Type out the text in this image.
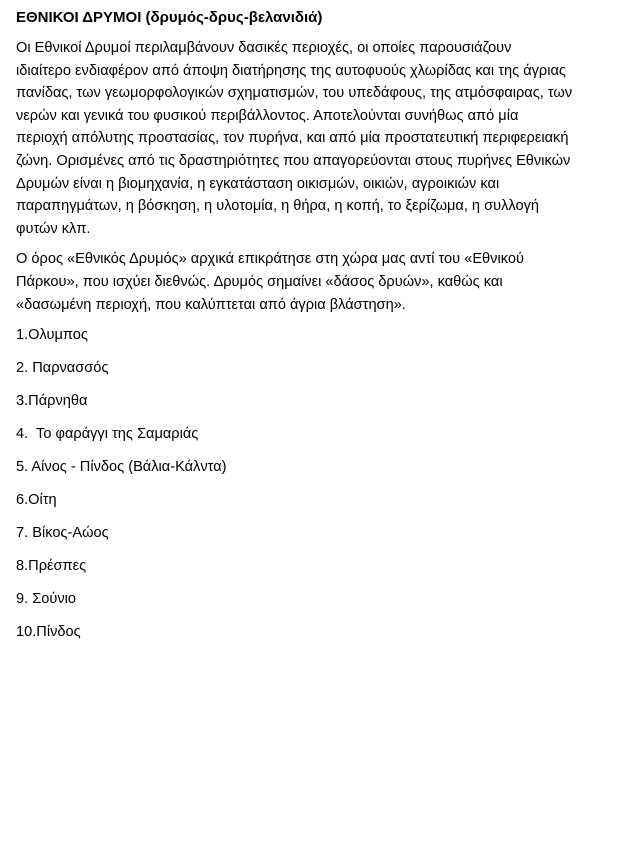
ΕΘΝΙΚΟΙ ΔΡΥΜΟΙ (δρυμός-δρυς-βελανιδιά)
Οι Εθνικοί Δρυμοί περιλαμβάνουν δασικές περιοχές, οι οποίες παρουσιάζουν
ιδιαίτερο ενδιαφέρον από άποψη διατήρησης της αυτοφυούς χλωρίδας και της άγριας
πανίδας, των γεωμορφολογικών σχηματισμών, του υπεδάφους, της ατμόσφαιρας, των
νερών και γενικά του φυσικού περιβάλλοντος. Αποτελούνται συνήθως από μία
περιοχή απόλυτης προστασίας, τον πυρήνα, και από μία προστατευτική περιφερειακή
ζώνη. Ορισμένες από τις δραστηριότητες που απαγορεύονται στους πυρήνες Εθνικών
Δρυμών είναι η βιομηχανία, η εγκατάσταση οικισμών, οικιών, αγροικιών και
παραπηγμάτων, η βόσκηση, η υλοτομία, η θήρα, η κοπή, το ξερίζωμα, η συλλογή
φυτών κλπ.
Ο όρος «Εθνικός Δρυμός» αρχικά επικράτησε στη χώρα μας αντί του «Εθνικού
Πάρκου», που ισχύει διεθνώς. Δρυμός σημαίνει «δάσος δρυών», καθώς και
«δασωμένη περιοχή, που καλύπτεται από άγρια βλάστηση».
1.Ολυμπος
2. Παρνασσός
3.Πάρνηθα
4.  Το φαράγγι της Σαμαριάς
5. Αίνος - Πίνδος (Βάλια-Κάλντα)
6.Οίτη
7. Βίκος-Αώος
8.Πρέσπες
9. Σούνιο
10.Πίνδος
